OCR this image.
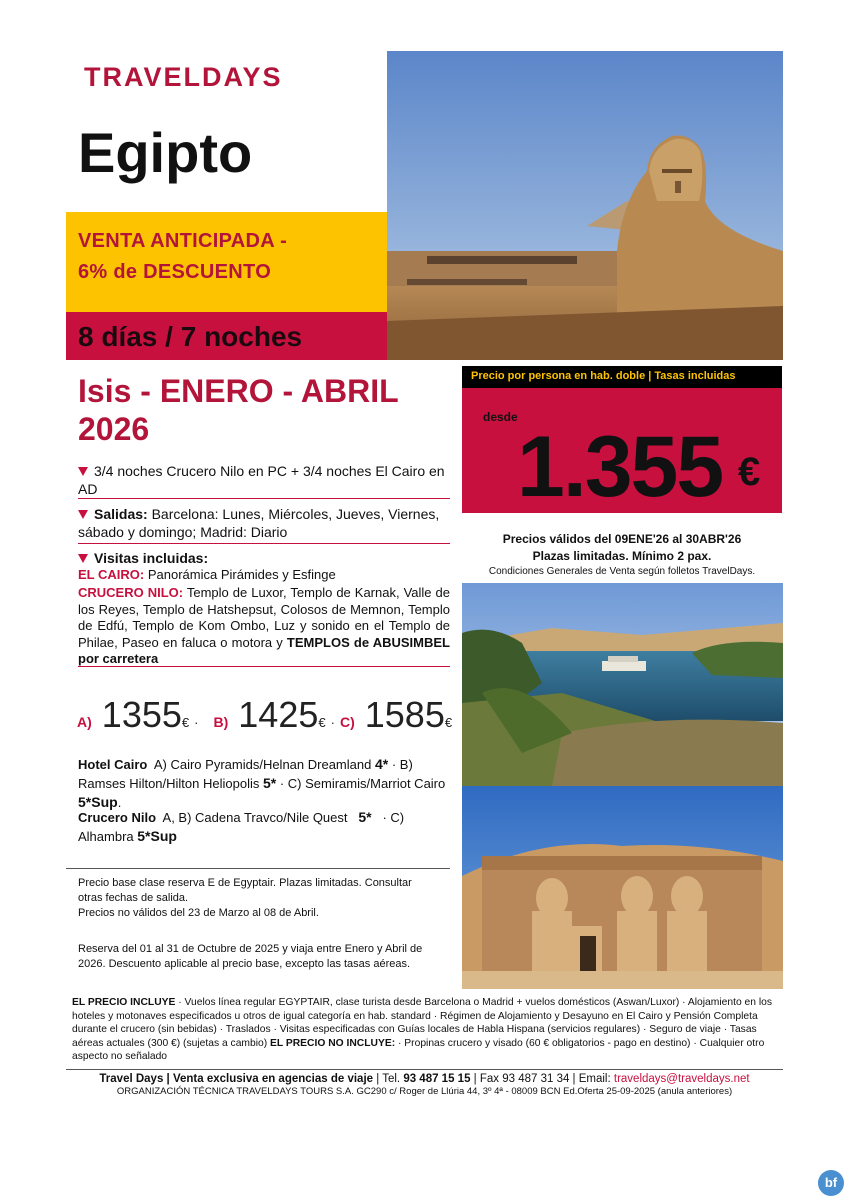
TRAVELDAYS
Egipto
VENTA ANTICIPADA -
6% de DESCUENTO
8 días / 7 noches
Isis - ENERO - ABRIL
2026
3/4 noches Crucero Nilo en PC + 3/4 noches El Cairo en AD
Salidas: Barcelona: Lunes, Miércoles, Jueves, Viernes, sábado y domingo; Madrid: Diario
Visitas incluidas:
EL CAIRO: Panorámica Pirámides y Esfinge
CRUCERO NILO: Templo de Luxor, Templo de Karnak, Valle de los Reyes, Templo de Hatshepsut, Colosos de Memnon, Templo de Edfú, Templo de Kom Ombo, Luz y sonido en el Templo de Philae, Paseo en faluca o motora y TEMPLOS de ABUSIMBEL por carretera
A) 1355€ · B) 1425€ · C) 1585€
Hotel Cairo A) Cairo Pyramids/Helnan Dreamland 4* · B) Ramses Hilton/Hilton Heliopolis 5* · C) Semiramis/Marriot Cairo 5*Sup.
Crucero Nilo A, B) Cadena Travco/Nile Quest 5* · C) Alhambra 5*Sup
Precio base clase reserva E de Egyptair. Plazas limitadas. Consultar otras fechas de salida.
Precios no válidos del 23 de Marzo al 08 de Abril.
Reserva del 01 al 31 de Octubre de 2025 y viaja entre Enero y Abril de 2026. Descuento aplicable al precio base, excepto las tasas aéreas.
Precio por persona en hab. doble | Tasas incluidas
desde
1.355 €
Precios válidos del 09ENE'26 al 30ABR'26
Plazas limitadas. Mínimo 2 pax.
Condiciones Generales de Venta según folletos TravelDays.
EL PRECIO INCLUYE · Vuelos línea regular EGYPTAIR, clase turista desde Barcelona o Madrid + vuelos domésticos (Aswan/Luxor) · Alojamiento en los hoteles y motonaves especificados u otros de igual categoría en hab. standard · Régimen de Alojamiento y Desayuno en El Cairo y Pensión Completa durante el crucero (sin bebidas) · Traslados · Visitas especificadas con Guías locales de Habla Hispana (servicios regulares) · Seguro de viaje · Tasas aéreas actuales (300 €) (sujetas a cambio) EL PRECIO NO INCLUYE: · Propinas crucero y visado (60 € obligatorios - pago en destino) · Cualquier otro aspecto no señalado
Travel Days | Venta exclusiva en agencias de viaje | Tel. 93 487 15 15 | Fax 93 487 31 34 | Email: traveldays@traveldays.net
ORGANIZACIÓN TÉCNICA TRAVELDAYS TOURS S.A. GC290 c/ Roger de Llúria 44, 3º 4ª - 08009 BCN Ed.Oferta 25-09-2025 (anula anteriores)
bf
